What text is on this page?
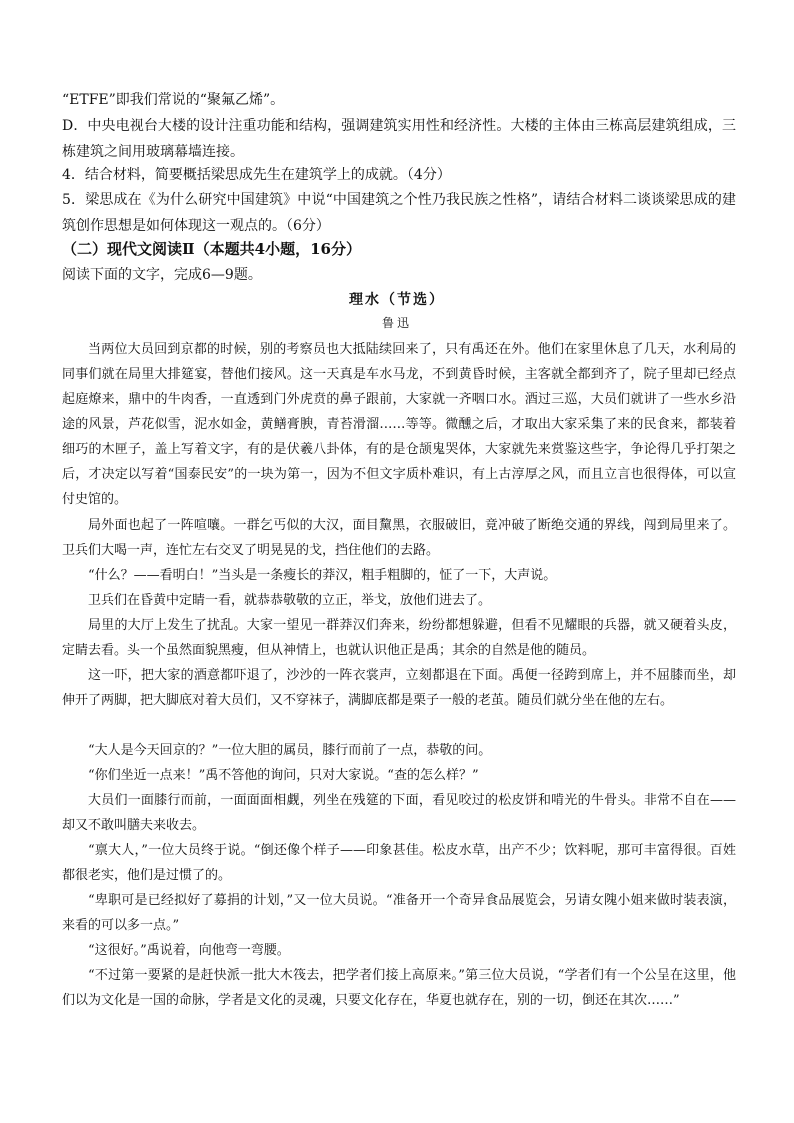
“ETFE”即我们常说的“聚氟乙烯”。

D．中央电视台大楼的设计注重功能和结构，强调建筑实用性和经济性。大楼的主体由三栋高层建筑组成，三栋建筑之间用玻璃幕墙连接。

4．结合材料，简要概括梁思成先生在建筑学上的成就。（4分）

5．梁思成在《为什么研究中国建筑》中说“中国建筑之个性乃我民族之性格”，请结合材料二谈谈梁思成的建筑创作思想是如何体现这一观点的。（6分）

（二）现代文阅读Ⅱ（本题共4小题，16分）

阅读下面的文字，完成6—9题。

理水（节选）
鲁迅

当两位大员回到京都的时候，别的考察员也大抵陆续回来了，只有禹还在外。他们在家里休息了几天，水利局的同事们就在局里大排筵宴，替他们接风。这一天真是车水马龙，不到黄昏时候，主客就全都到齐了，院子里却已经点起庭燎来，鼎中的牛肉香，一直透到门外虎贲的鼻子跟前，大家就一齐咽口水。酒过三巡，大员们就讲了一些水乡沿途的风景，芦花似雪，泥水如金，黄鳝膏腴，青苔滑溜……等等。微醺之后，才取出大家采集了来的民食来，都装着细巧的木匣子，盖上写着文字，有的是伏羲八卦体，有的是仓颉鬼哭体，大家就先来赏鉴这些字，争论得几乎打架之后，才决定以写着“国泰民安”的一块为第一，因为不但文字质朴难识，有上古淳厚之风，而且立言也很得体，可以宣付史馆的。

局外面也起了一阵喧嚷。一群乞丐似的大汉，面目黧黑，衣服破旧，竟冲破了断绝交通的界线，闯到局里来了。卫兵们大喝一声，连忙左右交叉了明晃晃的戈，挡住他们的去路。

“什么？——看明白！”当头是一条瘦长的莽汉，粗手粗脚的，怔了一下，大声说。

卫兵们在昏黄中定睛一看，就恭恭敬敬的立正，举戈，放他们进去了。

局里的大厅上发生了扰乱。大家一望见一群莽汉们奔来，纷纷都想躲避，但看不见耀眼的兵器，就又硬着头皮，定睛去看。头一个虽然面貌黑瘦，但从神情上，也就认识他正是禹；其余的自然是他的随员。

这一吓，把大家的酒意都吓退了，沙沙的一阵衣裳声，立刻都退在下面。禹便一径跨到席上，并不屈膝而坐，却伸开了两脚，把大脚底对着大员们，又不穿袜子，满脚底都是栗子一般的老茧。随员们就分坐在他的左右。

“大人是今天回京的？”一位大胆的属员，膝行而前了一点，恭敬的问。

“你们坐近一点来！”禹不答他的询问，只对大家说。“查的怎么样？”

大员们一面膝行而前，一面面面相觑，列坐在残筵的下面，看见咬过的松皮饼和啃光的牛骨头。非常不自在——却又不敢叫膳夫来收去。

“禀大人，”一位大员终于说。“倒还像个样子——印象甚佳。松皮水草，出产不少；饮料呢，那可丰富得很。百姓都很老实，他们是过惯了的。

“卑职可是已经拟好了募捐的计划，”又一位大员说。“准备开一个奇异食品展览会，另请女隗小姐来做时装表演，来看的可以多一点。”

“这很好。”禹说着，向他弯一弯腰。

“不过第一要紧的是赶快派一批大木筏去，把学者们接上高原来。”第三位大员说，“学者们有一个公呈在这里，他们以为文化是一国的命脉，学者是文化的灵魂，只要文化存在，华夏也就存在，别的一切，倒还在其次……”
